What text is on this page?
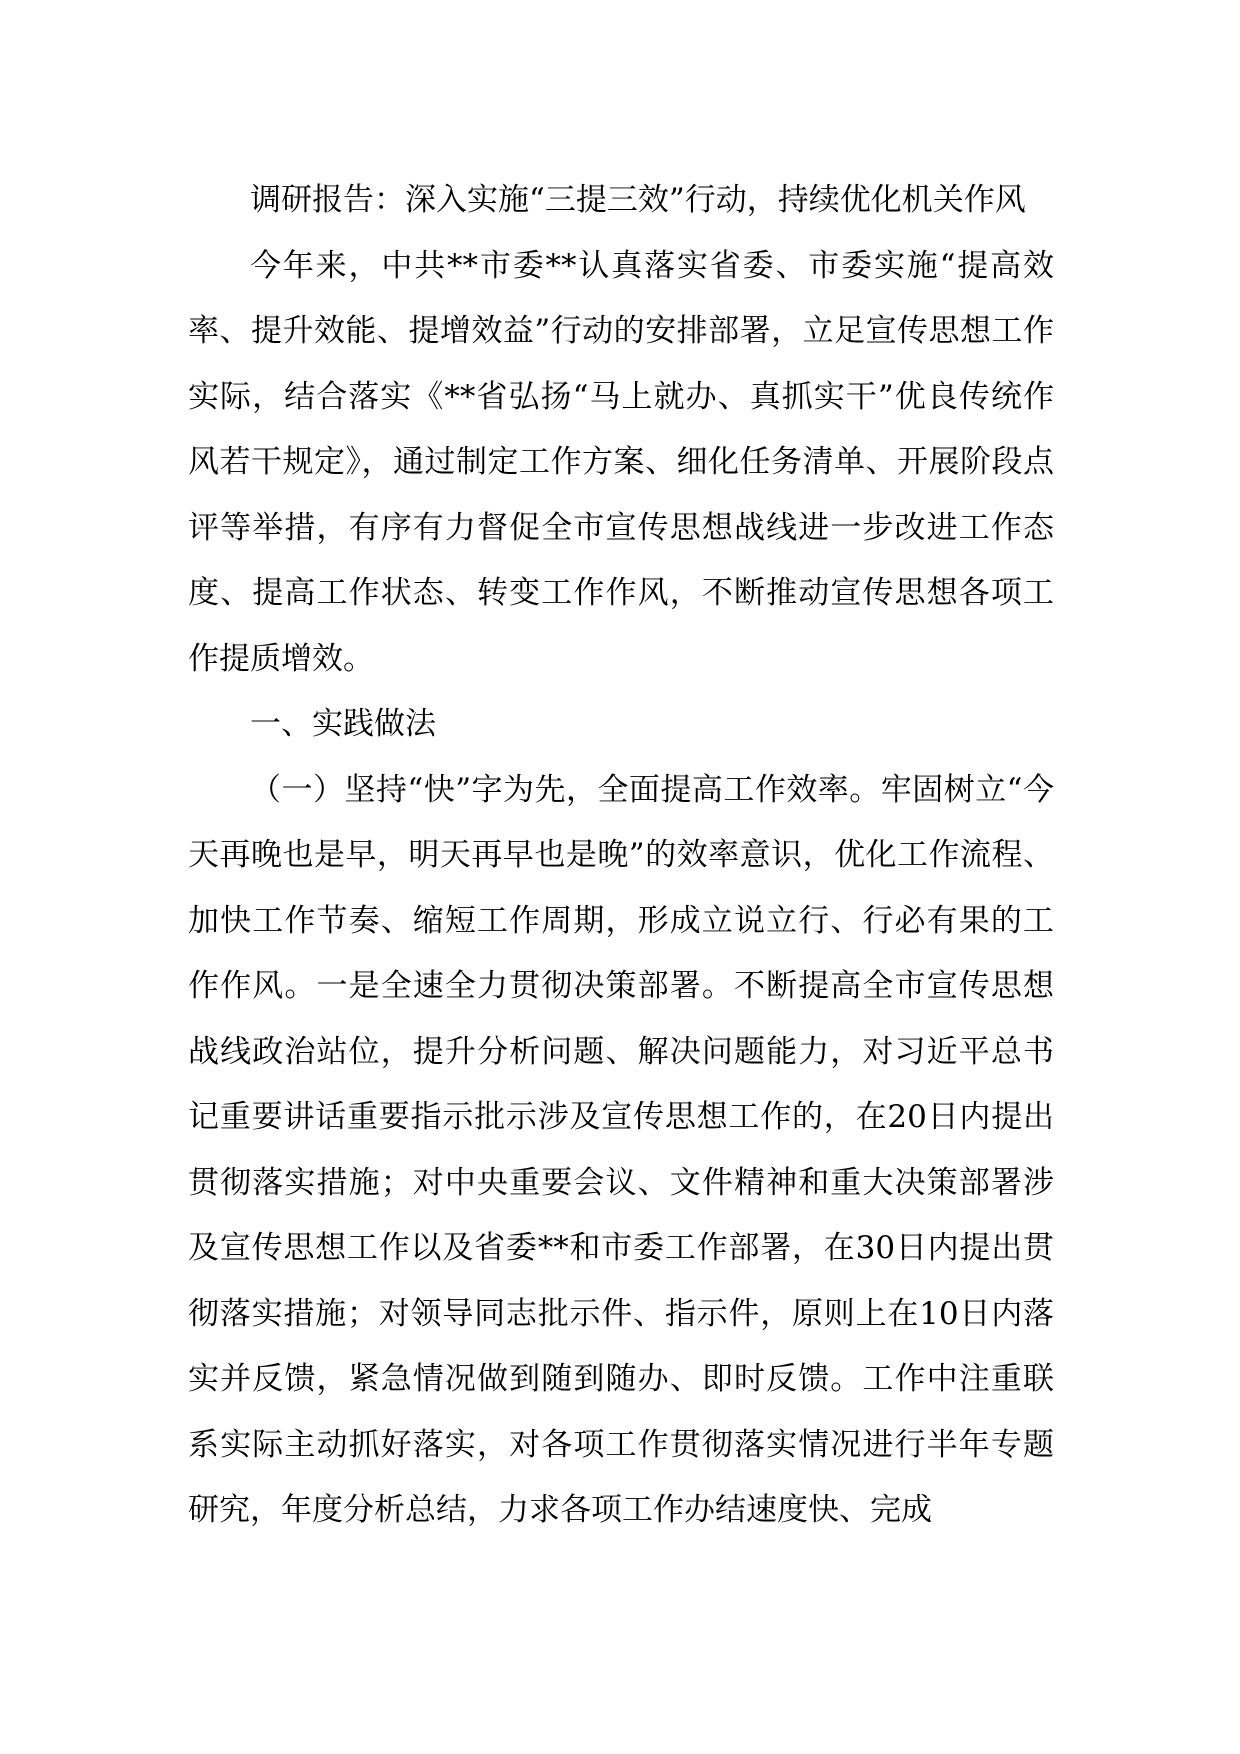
调研报告：深入实施“三提三效”行动，持续优化机关作风

今年来，中共**市委**认真落实省委、市委实施“提高效率、提升效能、提增效益”行动的安排部署，立足宣传思想工作实际，结合落实《**省弘扬“马上就办、真抓实干”优良传统作风若干规定》，通过制定工作方案、细化任务清单、开展阶段点评等举措，有序有力督促全市宣传思想战线进一步改进工作态度、提高工作状态、转变工作作风，不断推动宣传思想各项工作提质增效。

一、实践做法

（一）坚持“快”字为先，全面提高工作效率。牢固树立“今天再晚也是早，明天再早也是晚”的效率意识，优化工作流程、加快工作节奏、缩短工作周期，形成立说立行、行必有果的工作作风。一是全速全力贯彻决策部署。不断提高全市宣传思想战线政治站位，提升分析问题、解决问题能力，对习近平总书记重要讲话重要指示批示涉及宣传思想工作的，在20日内提出贯彻落实措施；对中央重要会议、文件精神和重大决策部署涉及宣传思想工作以及省委**和市委工作部署，在30日内提出贯彻落实措施；对领导同志批示件、指示件，原则上在10日内落实并反馈，紧急情况做到随到随办、即时反馈。工作中注重联系实际主动抓好落实，对各项工作贯彻落实情况进行半年专题研究，年度分析总结，力求各项工作办结速度快、完成
